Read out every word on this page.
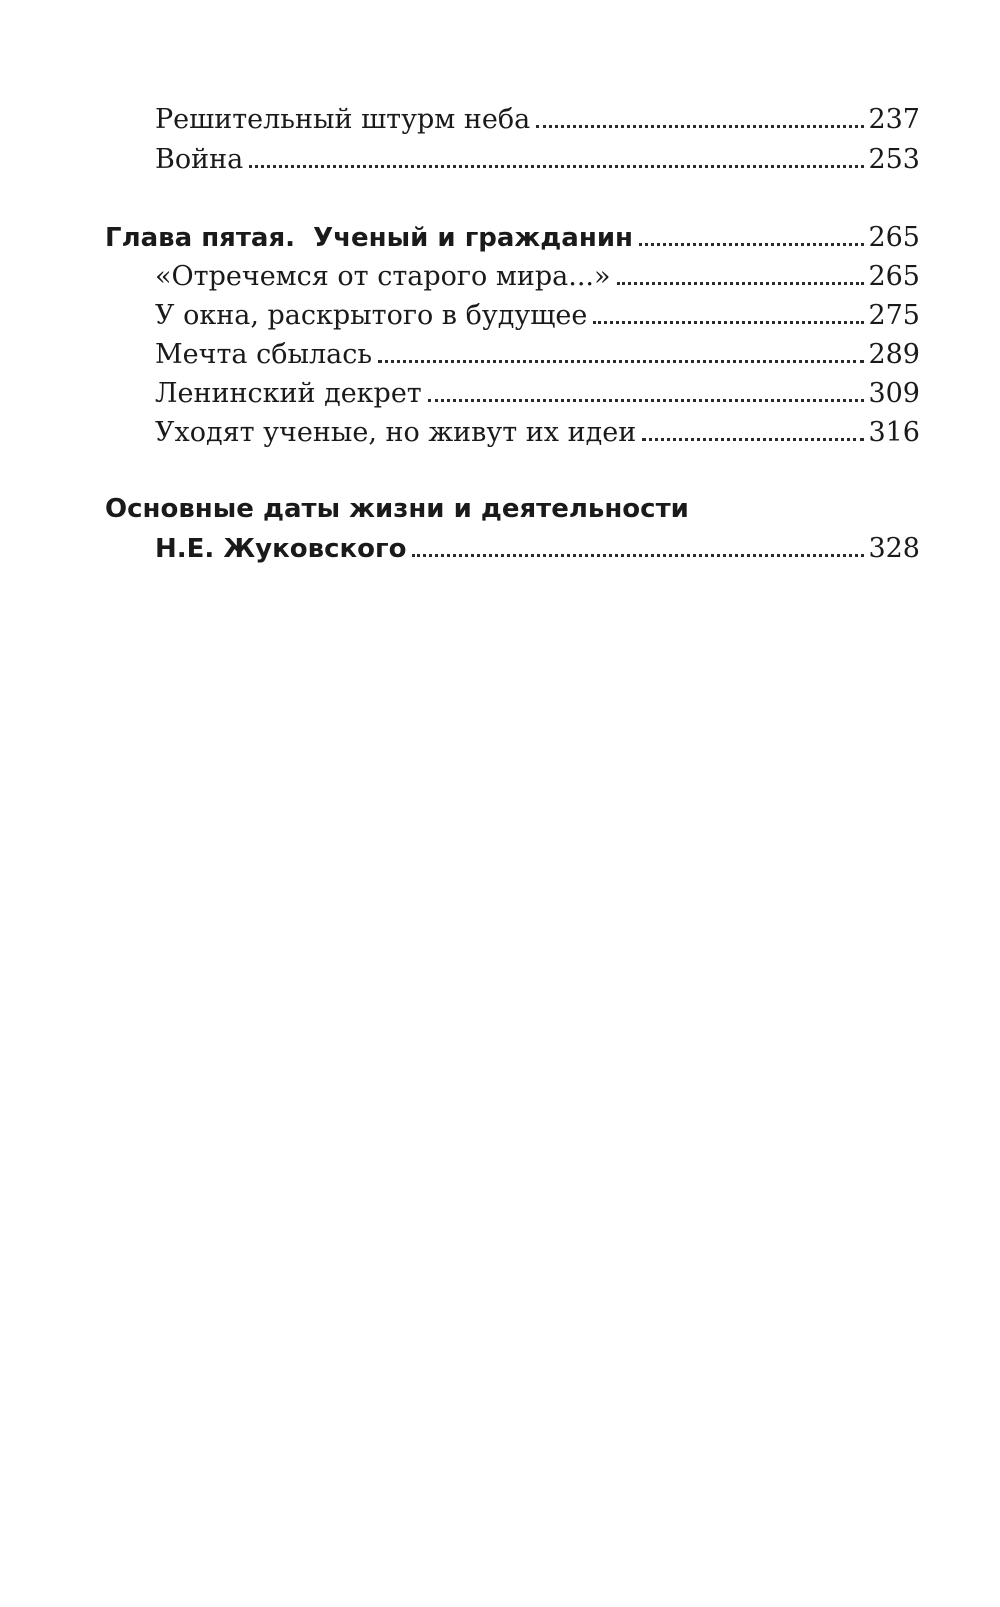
Решительный штурм неба	237
Война	253
Глава пятая.  Ученый и гражданин	265
«Отречемся от старого мира...»	265
У окна, раскрытого в будущее	275
Мечта сбылась	289
Ленинский декрет	309
Уходят ученые, но живут их идеи	316
Основные даты жизни и деятельности
Н.Е. Жуковского	328
